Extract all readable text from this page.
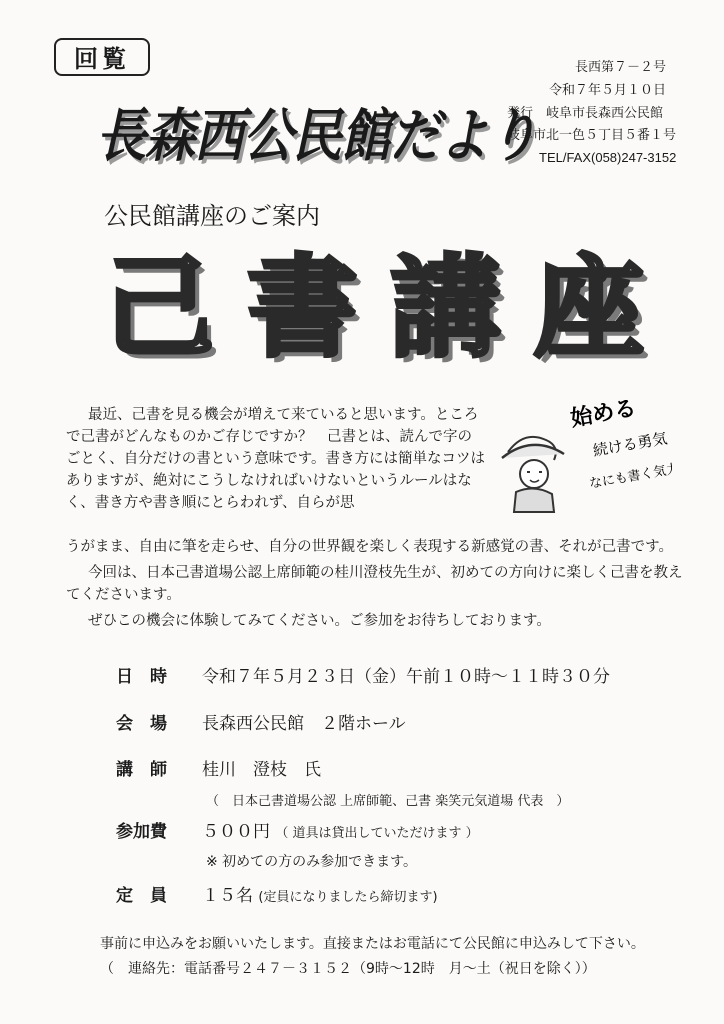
回覧
長森西公民館だより
長西第７－２号
令和７年５月１０日
発行　岐阜市長森西公民館
岐阜市北一色５丁目５番１号
TEL/FAX(058)247-3152
公民館講座のご案内
己 書 講 座
最近、己書を見る機会が増えて来ていると思います。ところで己書がどんなものかご存じですか？　己書とは、読んで字のごとく、自分だけの書という意味です。書き方には簡単なコツはありますが、絶対にこうしなければいけないというルールはなく、書き方や書き順にとらわれず、自らが思
うがまま、自由に筆を走らせ、自分の世界観を楽しく表現する新感覚の書、それが己書です。
今回は、日本己書道場公認上席師範の桂川澄枝先生が、初めての方向けに楽しく己書を教えてくださいます。
ぜひこの機会に体験してみてください。ご参加をお待ちしております。
始める
続ける勇気
なにも書く気力
日　時	令和７年５月２３日（金）午前１０時～１１時３０分
会　場	長森西公民館　２階ホール
講　師	桂川　澄枝　氏
（　日本己書道場公認 上席師範、己書 楽笑元気道場 代表　）
参加費	５００円 （ 道具は貸出していただけます ）
※ 初めての方のみ参加できます。
定　員	１５名 (定員になりましたら締切ます)
事前に申込みをお願いいたします。直接またはお電話にて公民館に申込みして下さい。
（　連絡先：電話番号２４７－３１５２（9時～12時　月～土（祝日を除く））
